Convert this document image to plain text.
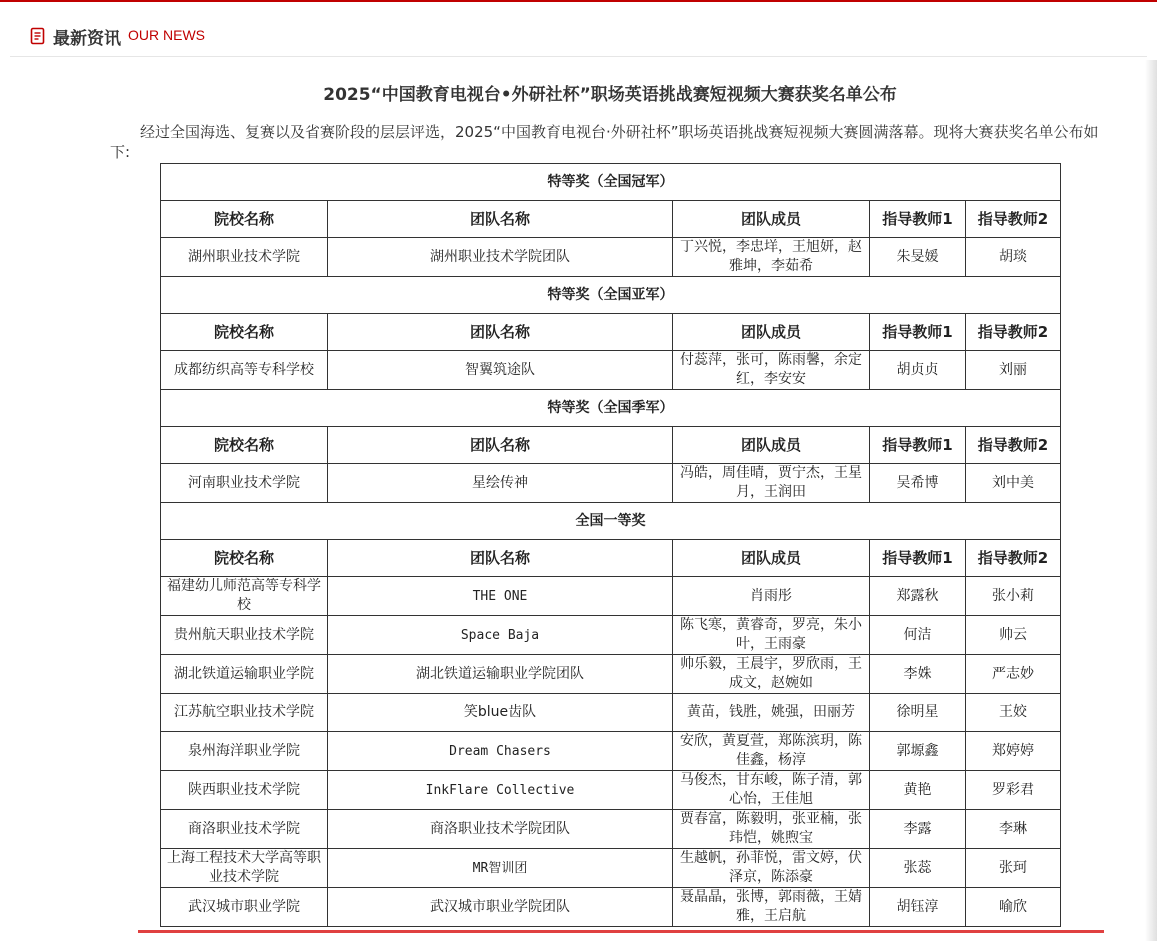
最新资讯 OUR NEWS
2025“中国教育电视台•外研社杯”职场英语挑战赛短视频大赛获奖名单公布
经过全国海选、复赛以及省赛阶段的层层评选，2025“中国教育电视台·外研社杯”职场英语挑战赛短视频大赛圆满落幕。现将大赛获奖名单公布如下:
特等奖（全国冠军）				
院校名称	团队名称	团队成员	指导教师1	指导教师2
湖州职业技术学院	湖州职业技术学院团队	丁兴悦，李忠垟，王旭妍，赵雅坤，李茹希	朱旻媛	胡琰
特等奖（全国亚军）				
院校名称	团队名称	团队成员	指导教师1	指导教师2
成都纺织高等专科学校	智翼筑途队	付蕊萍，张可，陈雨馨，余定红，李安安	胡贞贞	刘丽
特等奖（全国季军）				
院校名称	团队名称	团队成员	指导教师1	指导教师2
河南职业技术学院	星绘传神	冯皓，周佳晴，贾宁杰，王星月，王润田	吴希博	刘中美
全国一等奖				
院校名称	团队名称	团队成员	指导教师1	指导教师2
福建幼儿师范高等专科学校	THE ONE	肖雨彤	郑露秋	张小莉
贵州航天职业技术学院	Space Baja	陈飞寒，黄睿奇，罗亮，朱小叶，王雨豪	何洁	帅云
湖北铁道运输职业学院	湖北铁道运输职业学院团队	帅乐毅，王晨宇，罗欣雨，王成文，赵婉如	李姝	严志妙
江苏航空职业技术学院	笑blue齿队	黄苗，钱胜，姚强，田丽芳	徐明星	王姣
泉州海洋职业学院	Dream Chasers	安欣，黄夏萱，郑陈滨玥，陈佳鑫，杨淳	郭塬鑫	郑婷婷
陕西职业技术学院	InkFlare Collective	马俊杰，甘东峻，陈子清，郭心怡，王佳旭	黄艳	罗彩君
商洛职业技术学院	商洛职业技术学院团队	贾春富，陈毅明，张亚楠，张玮恺，姚煦宝	李露	李琳
上海工程技术大学高等职业技术学院	MR智训团	生越帆，孙菲悦，雷文婷，伏泽京，陈添豪	张蕊	张珂
武汉城市职业学院	武汉城市职业学院团队	聂晶晶，张博，郭雨薇，王婧雅，王启航	胡钰淳	喻欣
